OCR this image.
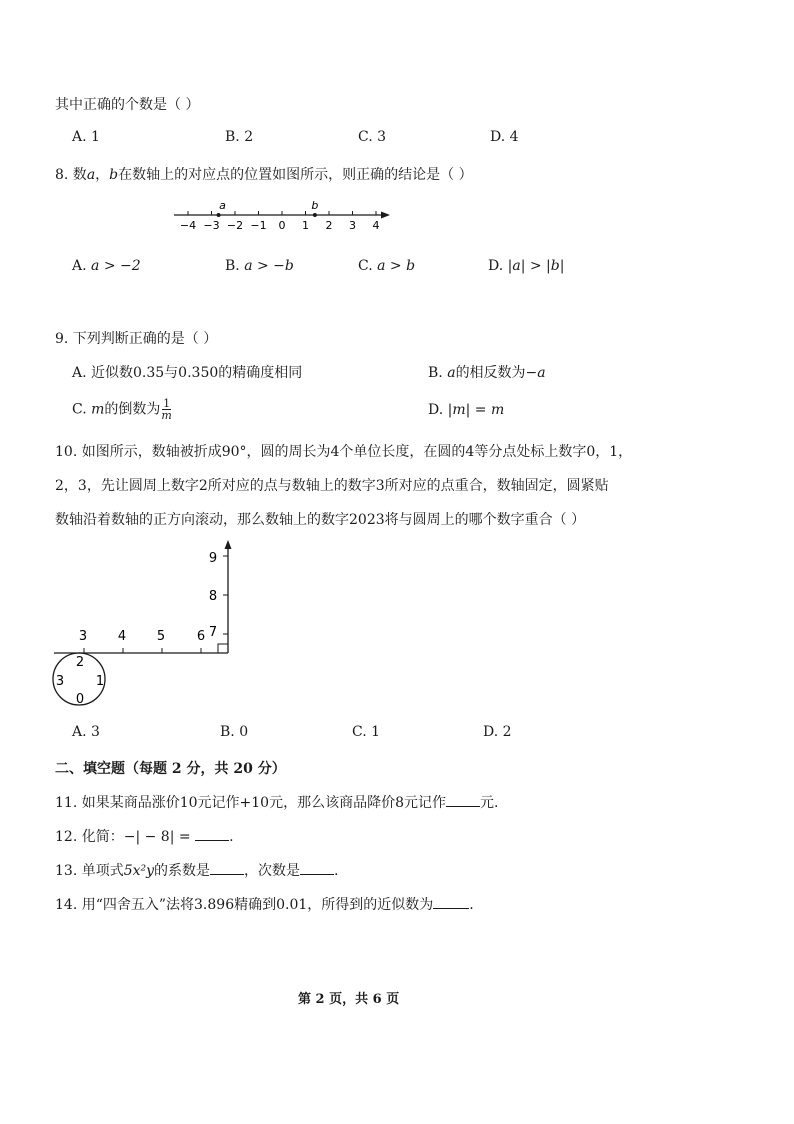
其中正确的个数是（ ）
A. 1	B. 2	C. 3	D. 4
8. 数a，b在数轴上的对应点的位置如图所示，则正确的结论是（ ）
−4 −3 −2 −1 0 1 2 3 4
a	b
A. a > −2	B. a > −b	C. a > b	D. |a| > |b|
9. 下列判断正确的是（ ）
A. 近似数0.35与0.350的精确度相同	B. a的相反数为−a
C. m的倒数为 $\frac{1}{m}$	D. |m| = m
10. 如图所示，数轴被折成90°，圆的周长为4个单位长度，在圆的4等分点处标上数字0，1，
2，3，先让圆周上数字2所对应的点与数轴上的数字3所对应的点重合，数轴固定，圆紧贴
数轴沿着数轴的正方向滚动，那么数轴上的数字2023将与圆周上的哪个数字重合（ ）
3 4 5 6 7
8
9
2
1
0
3
A. 3	B. 0	C. 1	D. 2
二、填空题（每题 2 分，共 20 分）
11. 如果某商品涨价10元记作+10元，那么该商品降价8元记作 元.
12. 化简：−| − 8| = .
13. 单项式5x²y的系数是 ，次数是 .
14. 用“四舍五入”法将3.896精确到0.01，所得到的近似数为	.
第 2 页，共 6 页
